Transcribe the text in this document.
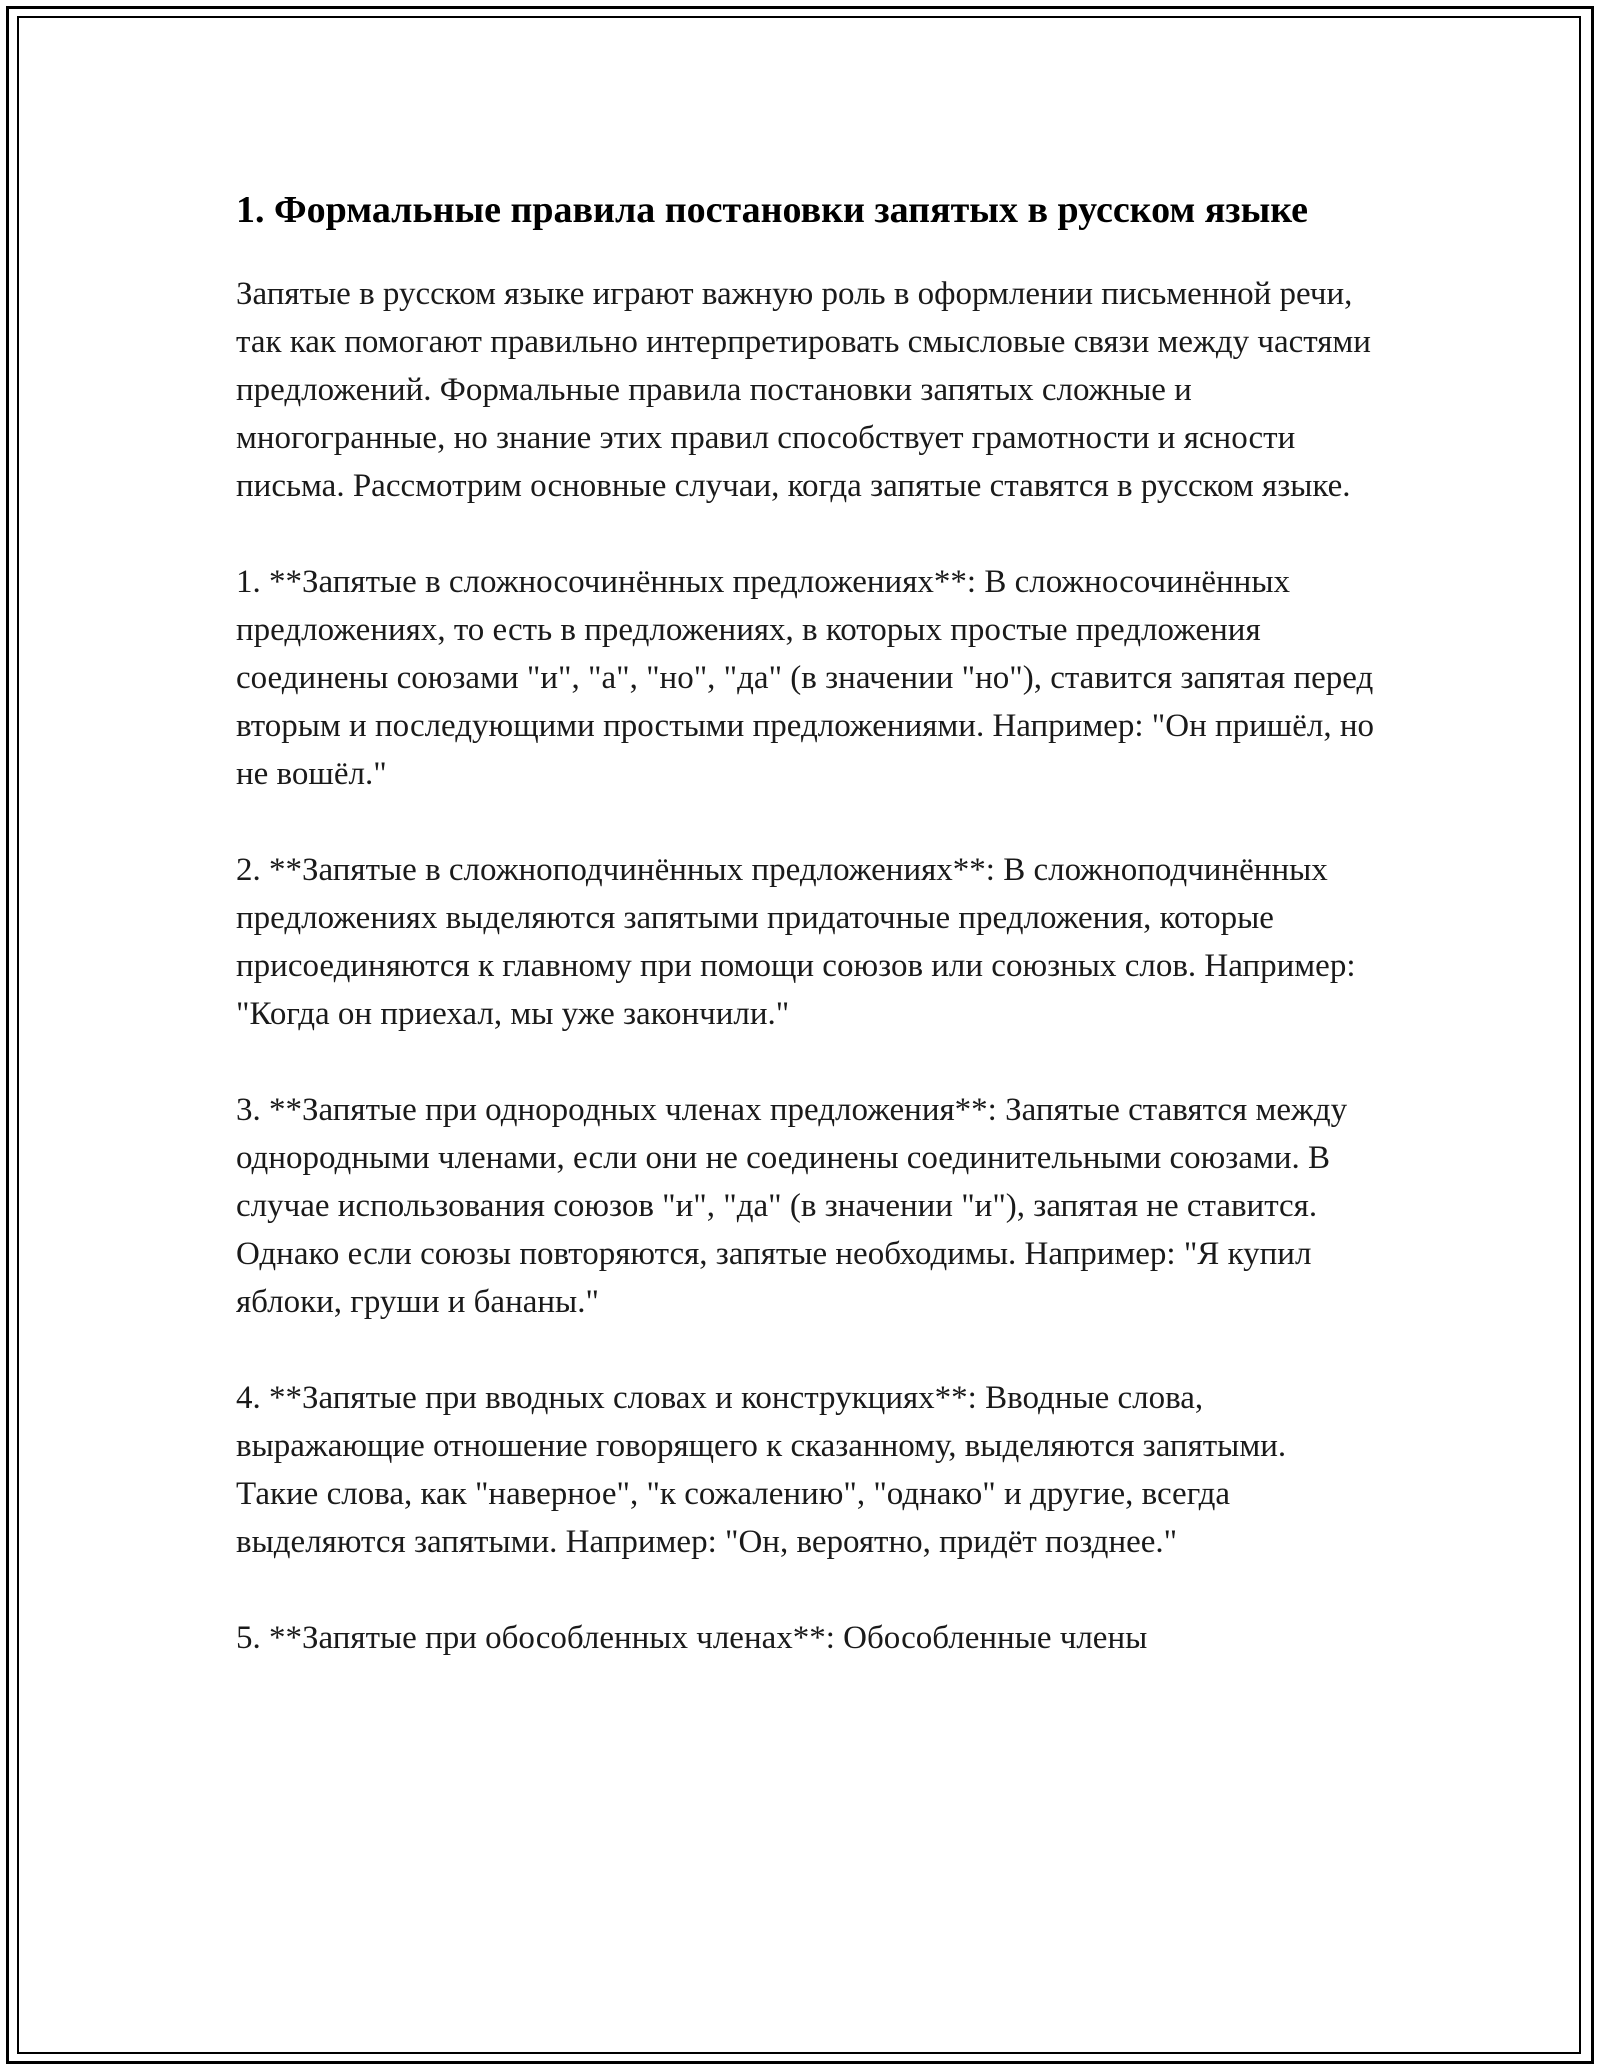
1. Формальные правила постановки запятых в русском языке

Запятые в русском языке играют важную роль в оформлении письменной речи, так как помогают правильно интерпретировать смысловые связи между частями предложений. Формальные правила постановки запятых сложные и многогранные, но знание этих правил способствует грамотности и ясности письма. Рассмотрим основные случаи, когда запятые ставятся в русском языке.

1. **Запятые в сложносочинённых предложениях**: В сложносочинённых предложениях, то есть в предложениях, в которых простые предложения соединены союзами "и", "а", "но", "да" (в значении "но"), ставится запятая перед вторым и последующими простыми предложениями. Например: "Он пришёл, но не вошёл."

2. **Запятые в сложноподчинённых предложениях**: В сложноподчинённых предложениях выделяются запятыми придаточные предложения, которые присоединяются к главному при помощи союзов или союзных слов. Например: "Когда он приехал, мы уже закончили."

3. **Запятые при однородных членах предложения**: Запятые ставятся между однородными членами, если они не соединены соединительными союзами. В случае использования союзов "и", "да" (в значении "и"), запятая не ставится. Однако если союзы повторяются, запятые необходимы. Например: "Я купил яблоки, груши и бананы."

4. **Запятые при вводных словах и конструкциях**: Вводные слова, выражающие отношение говорящего к сказанному, выделяются запятыми. Такие слова, как "наверное", "к сожалению", "однако" и другие, всегда выделяются запятыми. Например: "Он, вероятно, придёт позднее."

5. **Запятые при обособленных членах**: Обособленные члены
